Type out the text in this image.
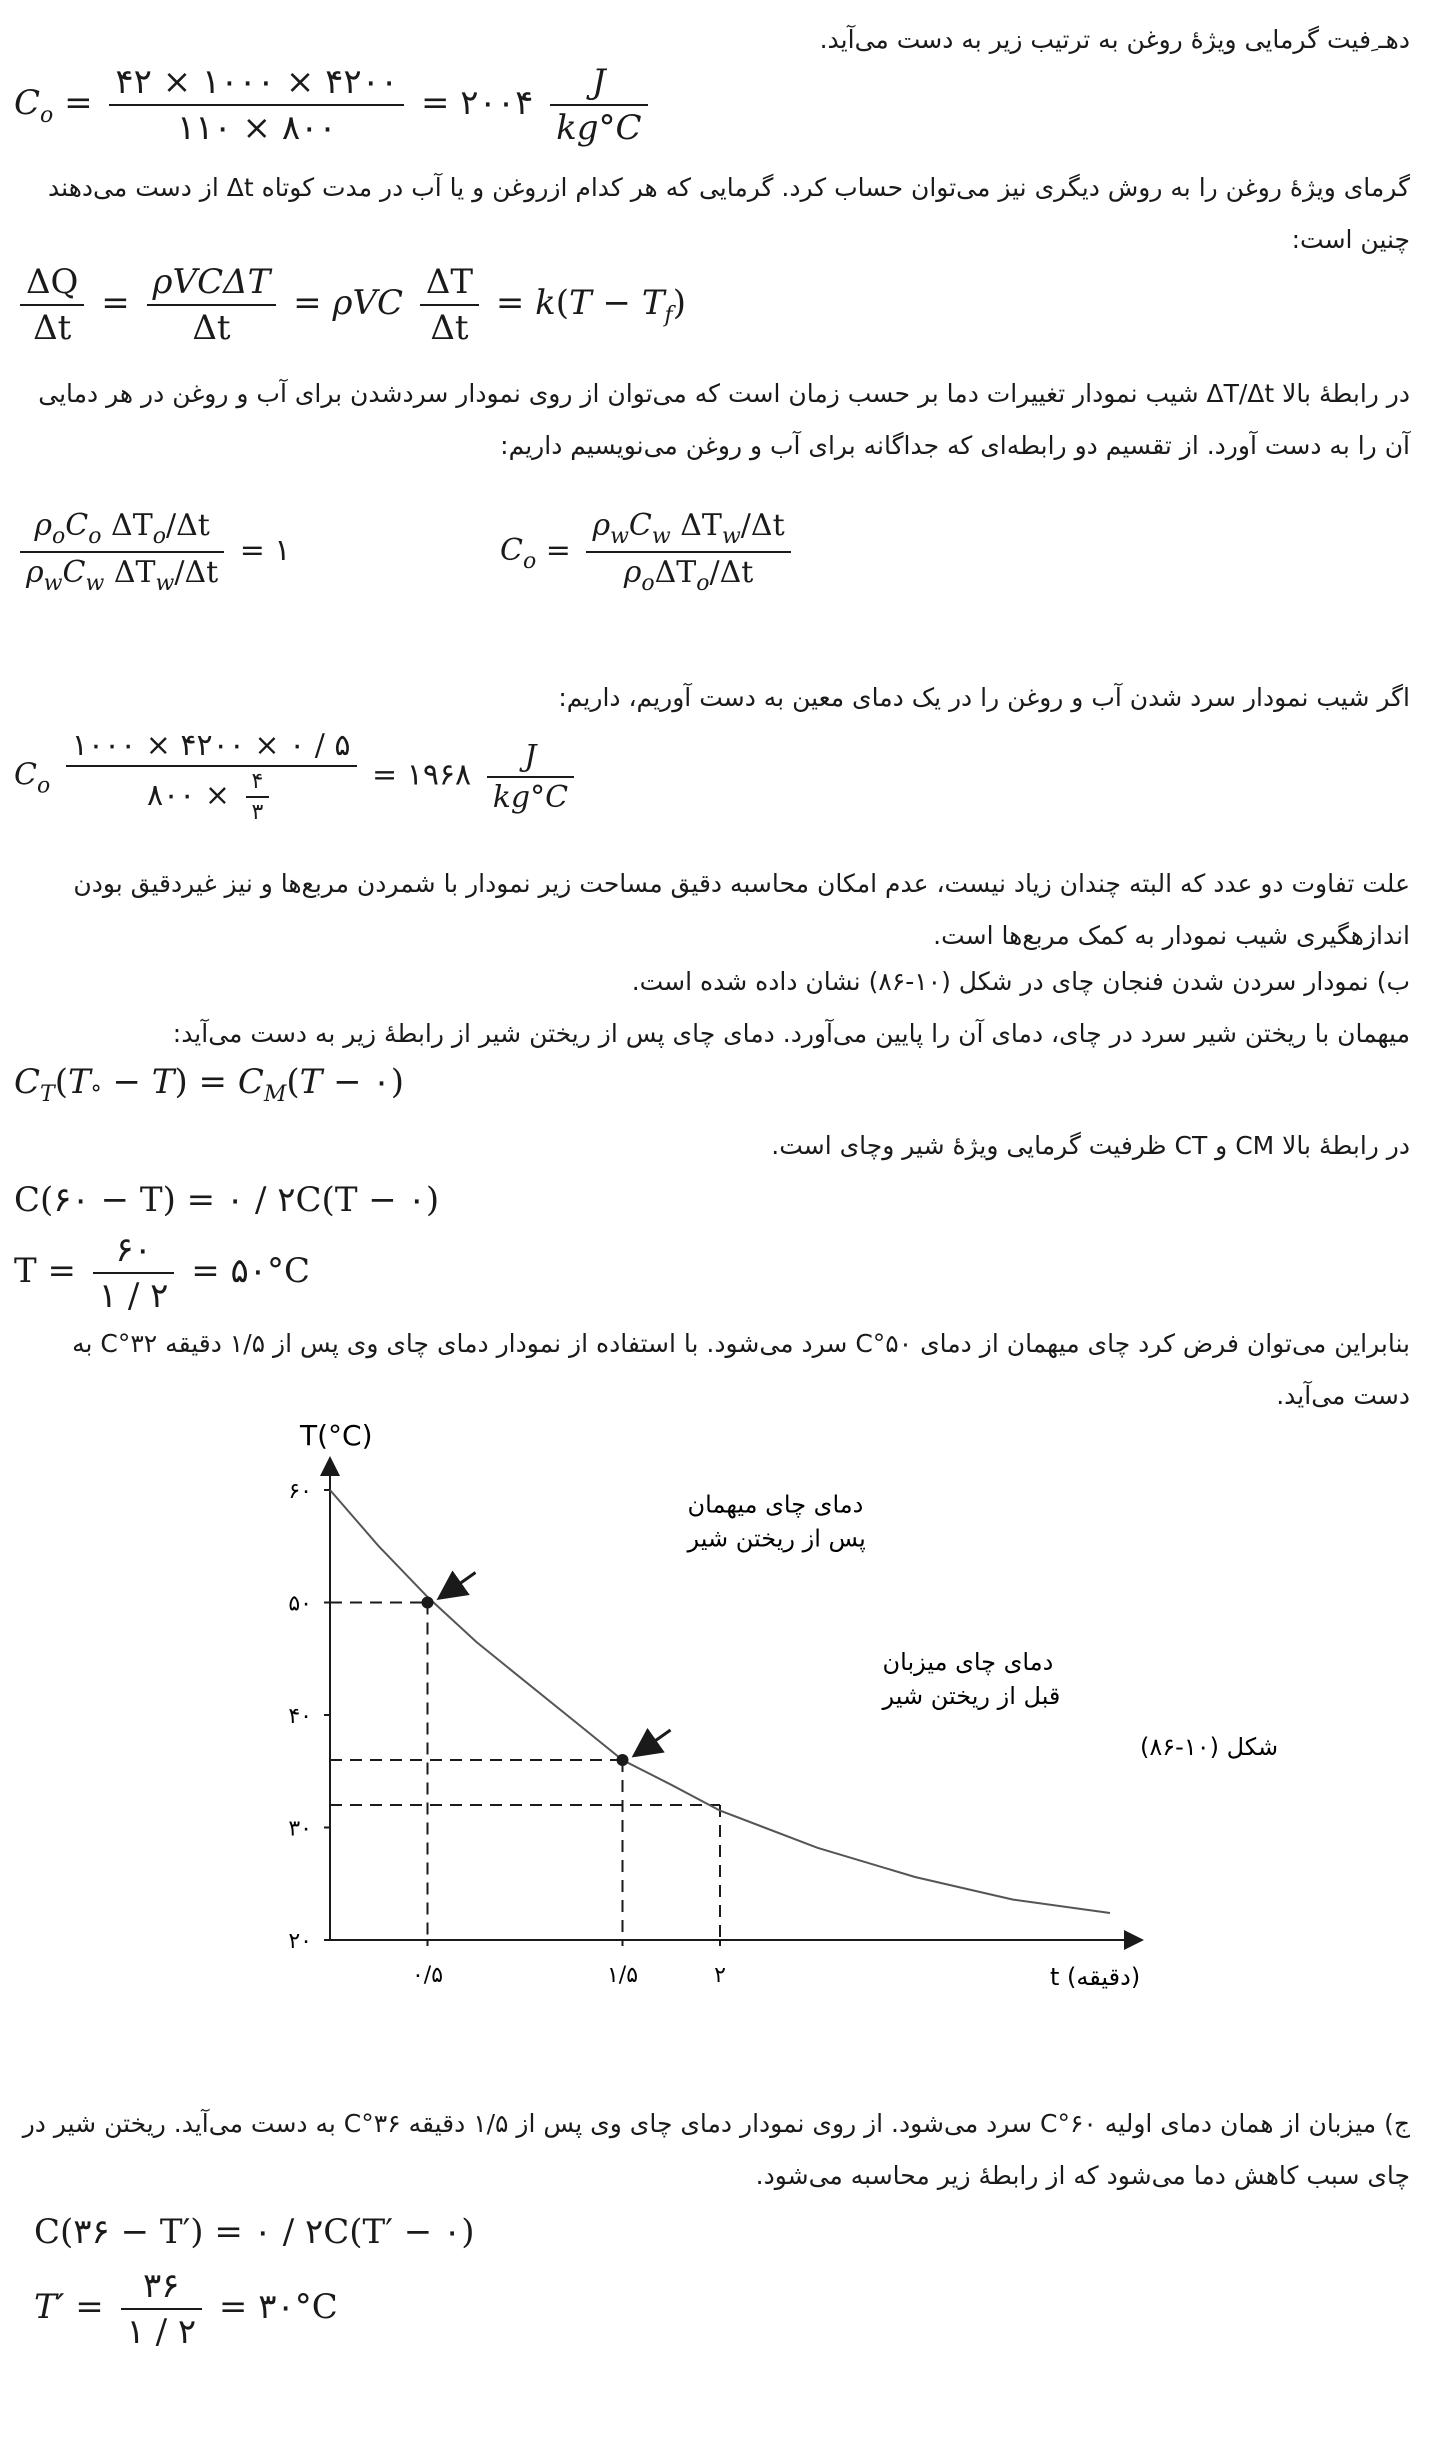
دهـ ِفیت گرمایی ویژۀ روغن به ترتیب زیر به دست می‌آید.
$C_o = \frac{۴۲ \times ۱۰۰۰ \times ۴۲۰۰}{۱۱۰ \times ۸۰۰}$ = ۲۰۰۴ $\frac{J}{kg^\circ C}$
گرمای ویژۀ روغن را به روش دیگری نیز می‌توان حساب کرد. گرمایی که هر کدام ازروغن و یا آب در مدت کوتاه Δt از دست می‌دهند چنین است:
$\frac{\Delta Q}{\Delta t} = \frac{\text{ρVCΔT}}{\Delta t} = \rho VC \frac{\Delta T}{\Delta t} = k(T - T_f)$
در رابطۀ بالا ΔT/Δt شیب نمودار تغییرات دما بر حسب زمان است که می‌توان از روی نمودار سردشدن برای آب و روغن در هر دمایی آن را به دست آورد. از تقسیم دو رابطه‌ای که جداگانه برای آب و روغن می‌نویسیم داریم:
$\frac{\rho_oC_o \Delta T_o/\Delta t}{\rho_wC_w \Delta T_w/\Delta t}$ = ۱	$C_o = \frac{\rho_wC_w \Delta T_w/\Delta t}{\rho_o\Delta T_o/\Delta t}$
اگر شیب نمودار سرد شدن آب و روغن را در یک دمای معین به دست آوریم، داریم:
$C_o \frac{۱۰۰۰ \times ۴۲۰۰ \times ۰ / ۵}{۸۰۰ \times \frac{۴}{۳}}$ = ۱۹۶۸ $\frac{J}{kg^\circ C}$
علت تفاوت دو عدد که البته چندان زیاد نیست، عدم امکان محاسبه دقیق مساحت زیر نمودار با شمردن مربع‌ها و نیز غیردقیق بودن اندازهگیری شیب نمودار به کمک مربع‌ها است.
ب) نمودار سردن شدن فنجان چای در شکل (۱۰-۸۶) نشان داده شده است.
میهمان با ریختن شیر سرد در چای، دمای آن را پایین می‌آورد. دمای چای پس از ریختن شیر از رابطۀ زیر به دست می‌آید:
$C_T(T^\circ - T) = C_M(T$ − ۰)
در رابطۀ بالا CM و CT ظرفیت گرمایی ویژۀ شیر وچای است.
C(۶۰ − T) = ۰ / ۲C(T − ۰)
$T = \frac{۶۰}{۱ / ۲}$ = ۵۰°C
بنابراین می‌توان فرض کرد چای میهمان از دمای ۵۰°C سرد می‌شود. با استفاده از نمودار دمای چای وی پس از ۱/۵ دقیقه ۳۲°C به دست می‌آید.
T(°C)
t (دقیقه)
۶۰
۵۰
۴۰
۳۰
۲۰
۰/۵	۱/۵	۲
دمای چای میهمان
پس از ریختن شیر
دمای چای میزبان
قبل از ریختن شیر
شکل (۱۰-۸۶)
ج) میزبان از همان دمای اولیه ۶۰°C سرد می‌شود. از روی نمودار دمای چای وی پس از ۱/۵ دقیقه ۳۶°C به دست می‌آید. ریختن شیر در چای سبب کاهش دما می‌شود که از رابطۀ زیر محاسبه می‌شود.
C(۳۶ − T′) = ۰ / ۲C(T′ − ۰)
$T' = \frac{۳۶}{۱ / ۲}$ = ۳۰°C
